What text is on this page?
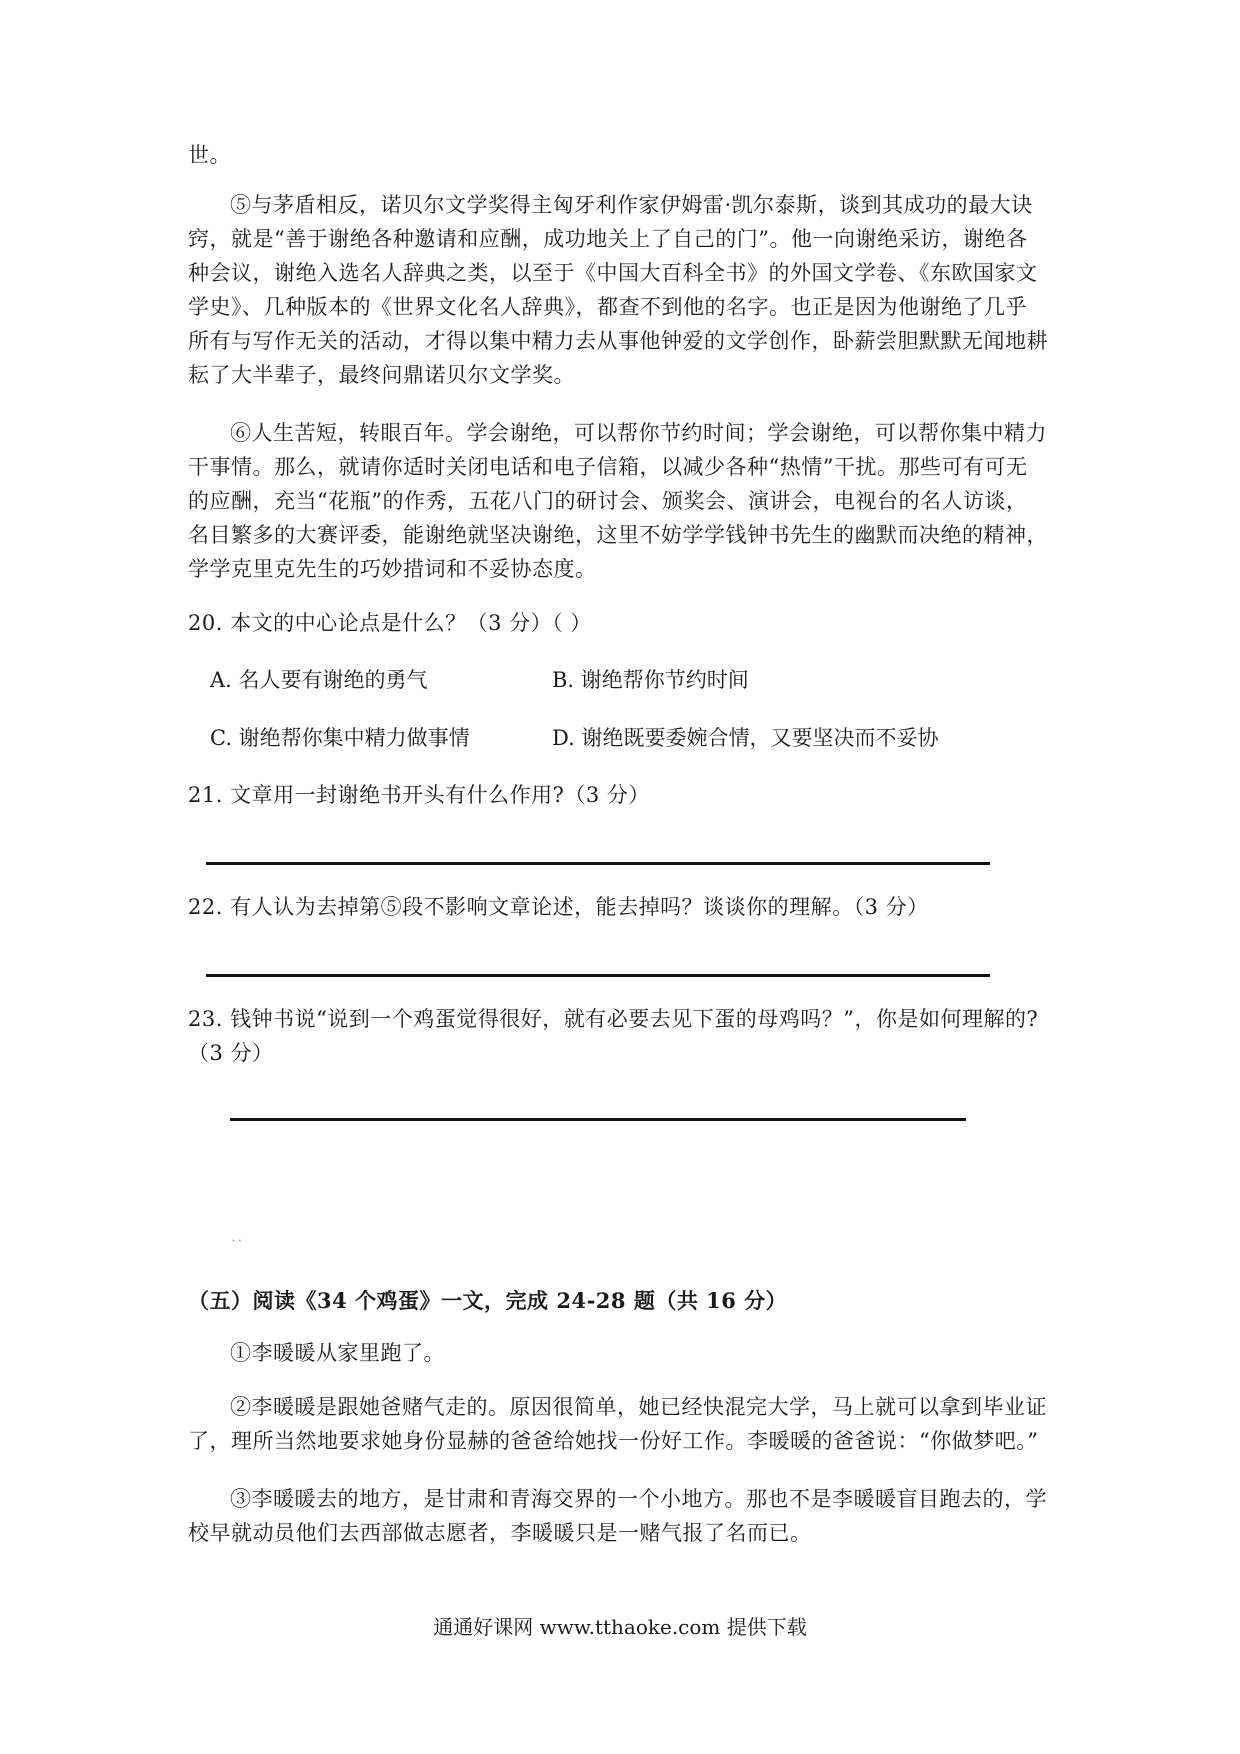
世。
⑤与茅盾相反，诺贝尔文学奖得主匈牙利作家伊姆雷·凯尔泰斯，谈到其成功的最大诀
窍，就是“善于谢绝各种邀请和应酬，成功地关上了自己的门”。他一向谢绝采访，谢绝各
种会议，谢绝入选名人辞典之类，以至于《中国大百科全书》的外国文学卷、《东欧国家文
学史》、几种版本的《世界文化名人辞典》，都查不到他的名字。也正是因为他谢绝了几乎
所有与写作无关的活动，才得以集中精力去从事他钟爱的文学创作，卧薪尝胆默默无闻地耕
耘了大半辈子，最终问鼎诺贝尔文学奖。
⑥人生苦短，转眼百年。学会谢绝，可以帮你节约时间；学会谢绝，可以帮你集中精力
干事情。那么，就请你适时关闭电话和电子信箱，以减少各种“热情”干扰。那些可有可无
的应酬，充当“花瓶”的作秀，五花八门的研讨会、颁奖会、演讲会，电视台的名人访谈，
名目繁多的大赛评委，能谢绝就坚决谢绝，这里不妨学学钱钟书先生的幽默而决绝的精神，
学学克里克先生的巧妙措词和不妥协态度。
20. 本文的中心论点是什么？（3 分）（ ）
A. 名人要有谢绝的勇气	B. 谢绝帮你节约时间
C. 谢绝帮你集中精力做事情	D. 谢绝既要委婉合情，又要坚决而不妥协
21. 文章用一封谢绝书开头有什么作用?（3 分）
22. 有人认为去掉第⑤段不影响文章论述，能去掉吗？谈谈你的理解。（3 分）
23. 钱钟书说“说到一个鸡蛋觉得很好，就有必要去见下蛋的母鸡吗？”，你是如何理解的?
（3 分）
· ·
（五）阅读《34 个鸡蛋》一文，完成 24-28 题（共 16 分）
①李暖暖从家里跑了。
②李暖暖是跟她爸赌气走的。原因很简单，她已经快混完大学，马上就可以拿到毕业证
了，理所当然地要求她身份显赫的爸爸给她找一份好工作。李暖暖的爸爸说：“你做梦吧。”
③李暖暖去的地方，是甘肃和青海交界的一个小地方。那也不是李暖暖盲目跑去的，学
校早就动员他们去西部做志愿者，李暖暖只是一赌气报了名而已。
通通好课网 www.tthaoke.com 提供下载
